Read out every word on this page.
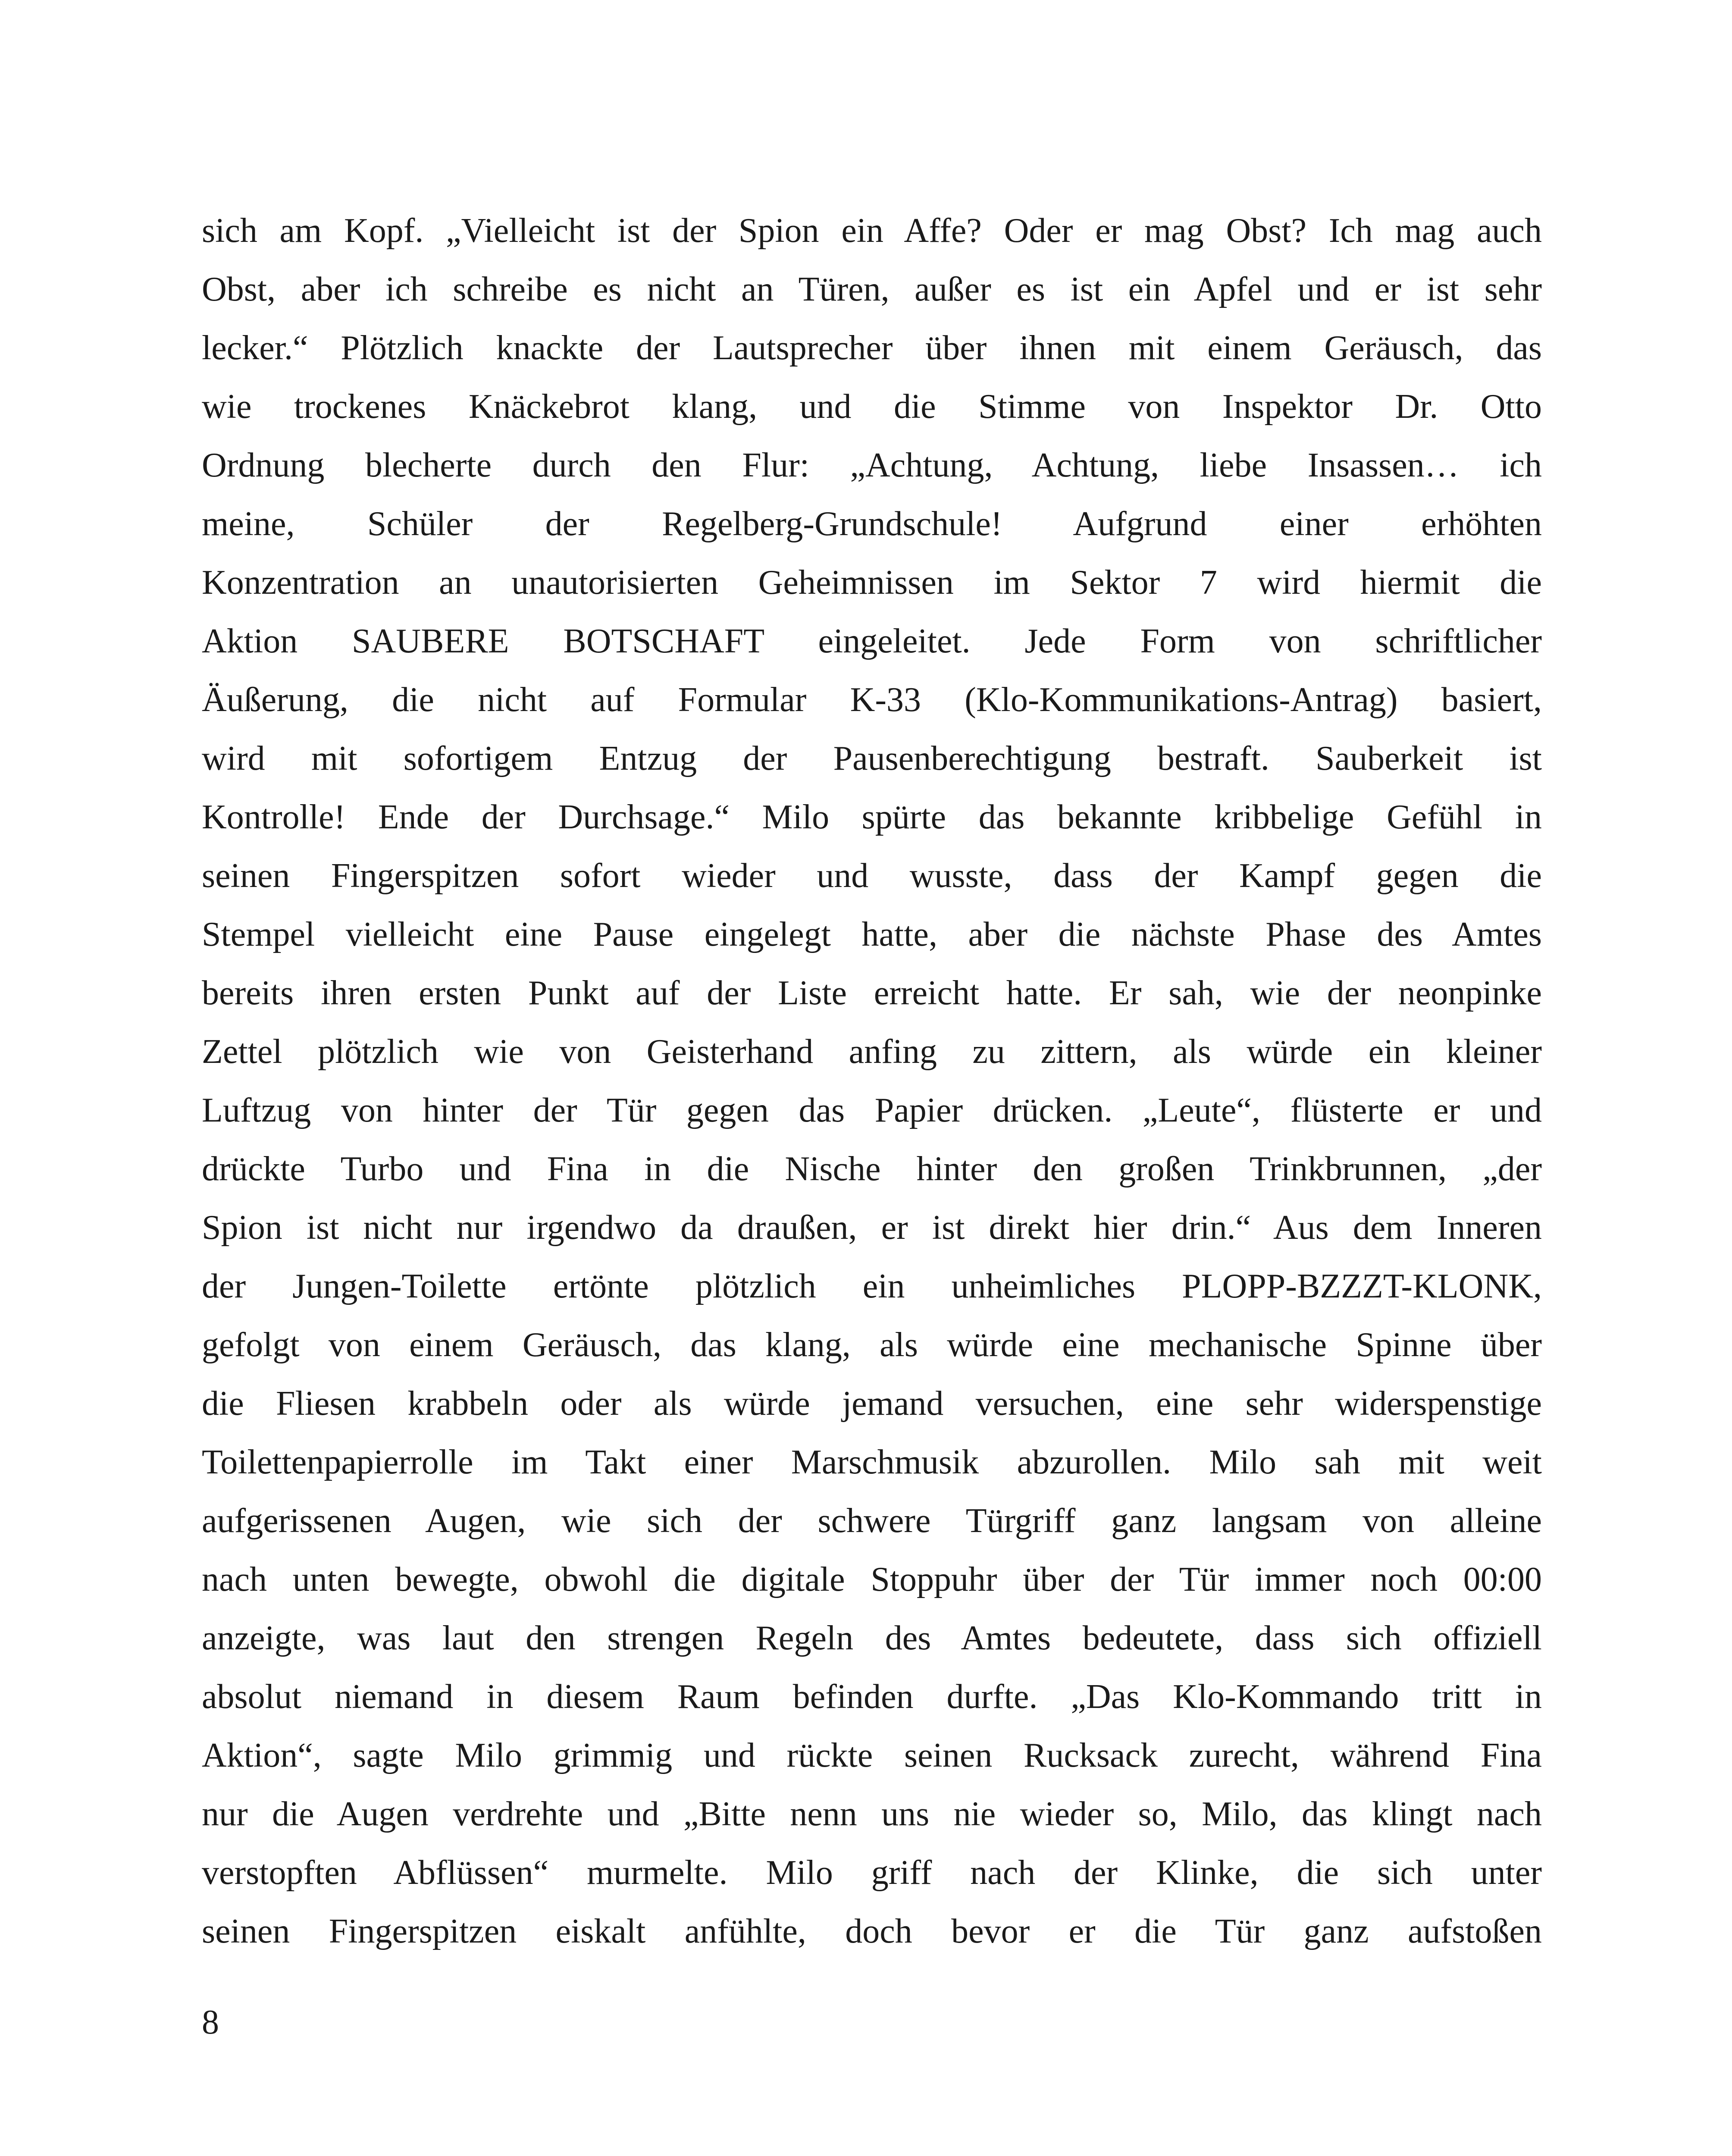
sich am Kopf. „Vielleicht ist der Spion ein Affe? Oder er mag Obst? Ich mag auch
Obst, aber ich schreibe es nicht an Türen, außer es ist ein Apfel und er ist sehr
lecker.“ Plötzlich knackte der Lautsprecher über ihnen mit einem Geräusch, das
wie trockenes Knäckebrot klang, und die Stimme von Inspektor Dr. Otto
Ordnung blecherte durch den Flur: „Achtung, Achtung, liebe Insassen… ich
meine, Schüler der Regelberg-Grundschule! Aufgrund einer erhöhten
Konzentration an unautorisierten Geheimnissen im Sektor 7 wird hiermit die
Aktion SAUBERE BOTSCHAFT eingeleitet. Jede Form von schriftlicher
Äußerung, die nicht auf Formular K-33 (Klo-Kommunikations-Antrag) basiert,
wird mit sofortigem Entzug der Pausenberechtigung bestraft. Sauberkeit ist
Kontrolle! Ende der Durchsage.“ Milo spürte das bekannte kribbelige Gefühl in
seinen Fingerspitzen sofort wieder und wusste, dass der Kampf gegen die
Stempel vielleicht eine Pause eingelegt hatte, aber die nächste Phase des Amtes
bereits ihren ersten Punkt auf der Liste erreicht hatte. Er sah, wie der neonpinke
Zettel plötzlich wie von Geisterhand anfing zu zittern, als würde ein kleiner
Luftzug von hinter der Tür gegen das Papier drücken. „Leute“, flüsterte er und
drückte Turbo und Fina in die Nische hinter den großen Trinkbrunnen, „der
Spion ist nicht nur irgendwo da draußen, er ist direkt hier drin.“ Aus dem Inneren
der Jungen-Toilette ertönte plötzlich ein unheimliches PLOPP-BZZZT-KLONK,
gefolgt von einem Geräusch, das klang, als würde eine mechanische Spinne über
die Fliesen krabbeln oder als würde jemand versuchen, eine sehr widerspenstige
Toilettenpapierrolle im Takt einer Marschmusik abzurollen. Milo sah mit weit
aufgerissenen Augen, wie sich der schwere Türgriff ganz langsam von alleine
nach unten bewegte, obwohl die digitale Stoppuhr über der Tür immer noch 00:00
anzeigte, was laut den strengen Regeln des Amtes bedeutete, dass sich offiziell
absolut niemand in diesem Raum befinden durfte. „Das Klo-Kommando tritt in
Aktion“, sagte Milo grimmig und rückte seinen Rucksack zurecht, während Fina
nur die Augen verdrehte und „Bitte nenn uns nie wieder so, Milo, das klingt nach
verstopften Abflüssen“ murmelte. Milo griff nach der Klinke, die sich unter
seinen Fingerspitzen eiskalt anfühlte, doch bevor er die Tür ganz aufstoßen
8
